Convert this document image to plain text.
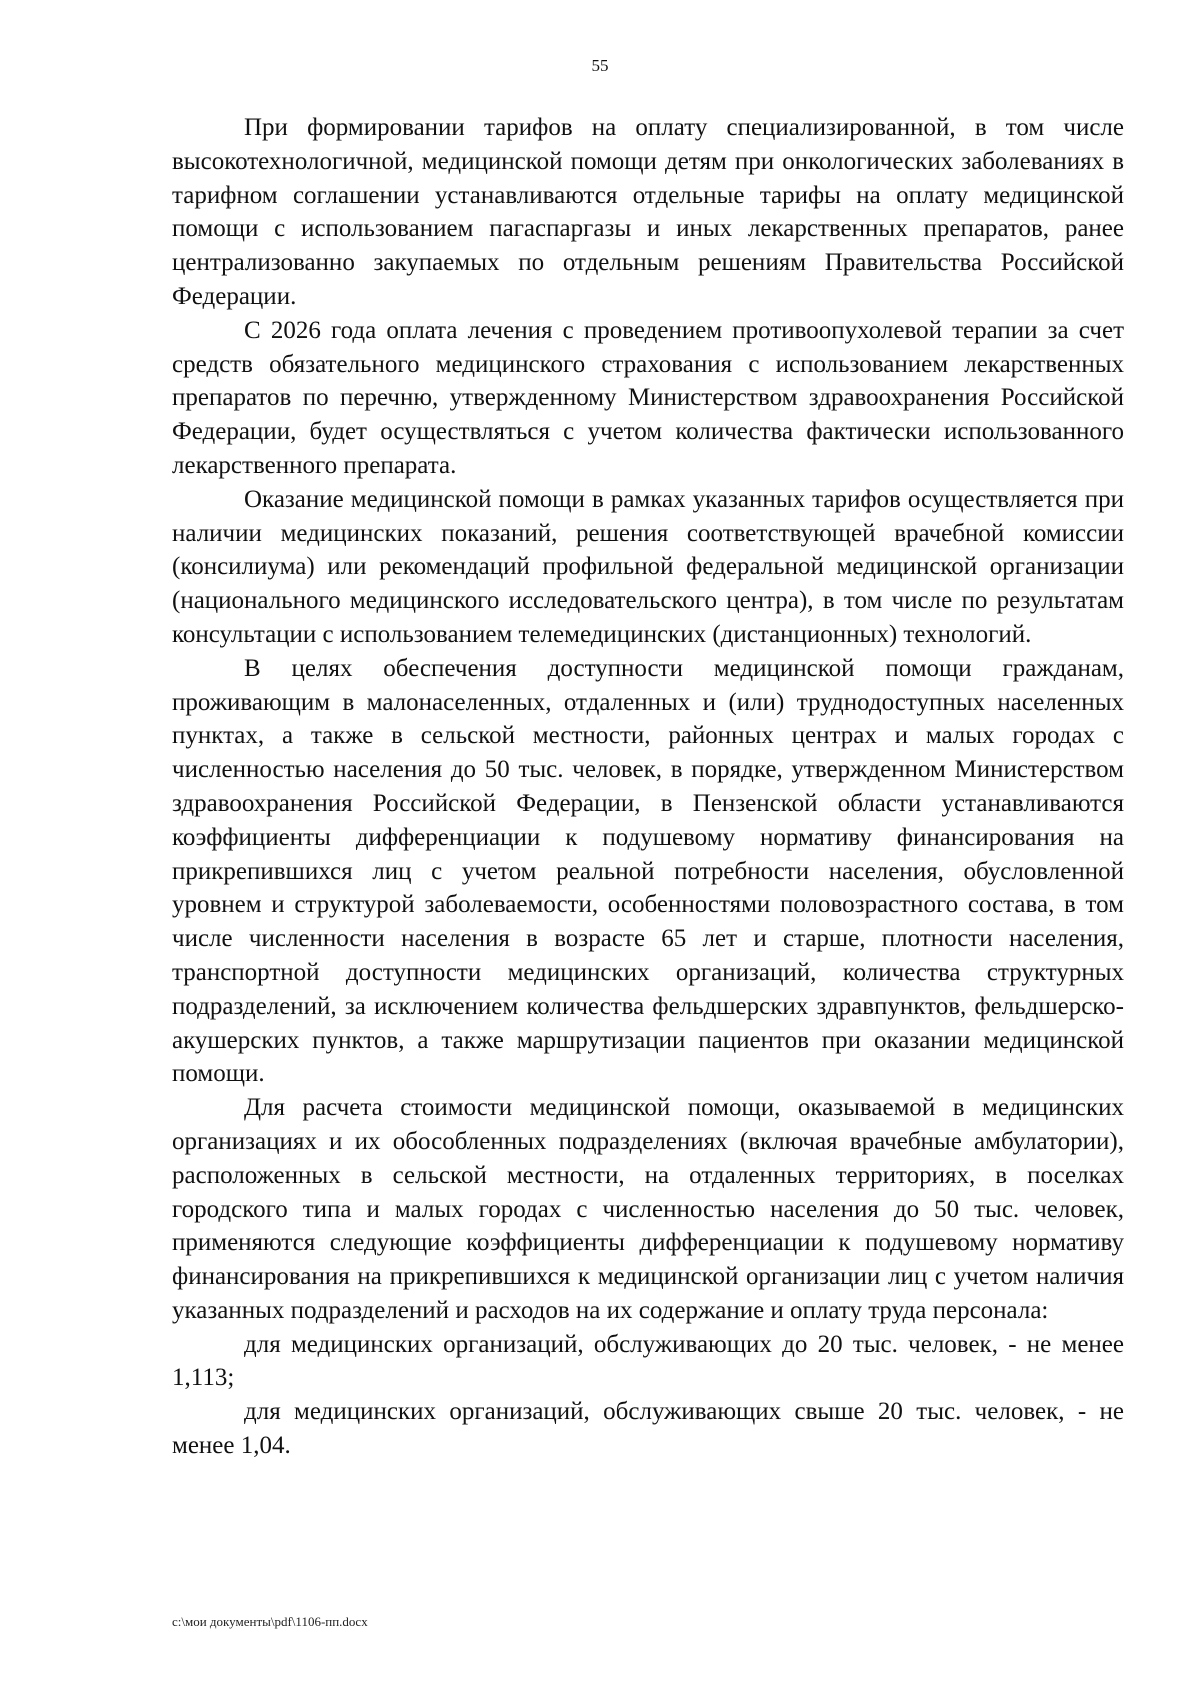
55

При формировании тарифов на оплату специализированной, в том числе высокотехнологичной, медицинской помощи детям при онкологических заболеваниях в тарифном соглашении устанавливаются отдельные тарифы на оплату медицинской помощи с использованием пагаспаргазы и иных лекарственных препаратов, ранее централизованно закупаемых по отдельным решениям Правительства Российской Федерации.

С 2026 года оплата лечения с проведением противоопухолевой терапии за счет средств обязательного медицинского страхования с использованием лекарственных препаратов по перечню, утвержденному Министерством здравоохранения Российской Федерации, будет осуществляться с учетом количества фактически использованного лекарственного препарата.

Оказание медицинской помощи в рамках указанных тарифов осуществляется при наличии медицинских показаний, решения соответствующей врачебной комиссии (консилиума) или рекомендаций профильной федеральной медицинской организации (национального медицинского исследовательского центра), в том числе по результатам консультации с использованием телемедицинских (дистанционных) технологий.

В целях обеспечения доступности медицинской помощи гражданам, проживающим в малонаселенных, отдаленных и (или) труднодоступных населенных пунктах, а также в сельской местности, районных центрах и малых городах с численностью населения до 50 тыс. человек, в порядке, утвержденном Министерством здравоохранения Российской Федерации, в Пензенской области устанавливаются коэффициенты дифференциации к подушевому нормативу финансирования на прикрепившихся лиц с учетом реальной потребности населения, обусловленной уровнем и структурой заболеваемости, особенностями половозрастного состава, в том числе численности населения в возрасте 65 лет и старше, плотности населения, транспортной доступности медицинских организаций, количества структурных подразделений, за исключением количества фельдшерских здравпунктов, фельдшерско-акушерских пунктов, а также маршрутизации пациентов при оказании медицинской помощи.

Для расчета стоимости медицинской помощи, оказываемой в медицинских организациях и их обособленных подразделениях (включая врачебные амбулатории), расположенных в сельской местности, на отдаленных территориях, в поселках городского типа и малых городах с численностью населения до 50 тыс. человек, применяются следующие коэффициенты дифференциации к подушевому нормативу финансирования на прикрепившихся к медицинской организации лиц с учетом наличия указанных подразделений и расходов на их содержание и оплату труда персонала:

для медицинских организаций, обслуживающих до 20 тыс. человек, - не менее 1,113;

для медицинских организаций, обслуживающих свыше 20 тыс. человек, - не менее 1,04.

c:\мои документы\pdf\1106-пп.docx
